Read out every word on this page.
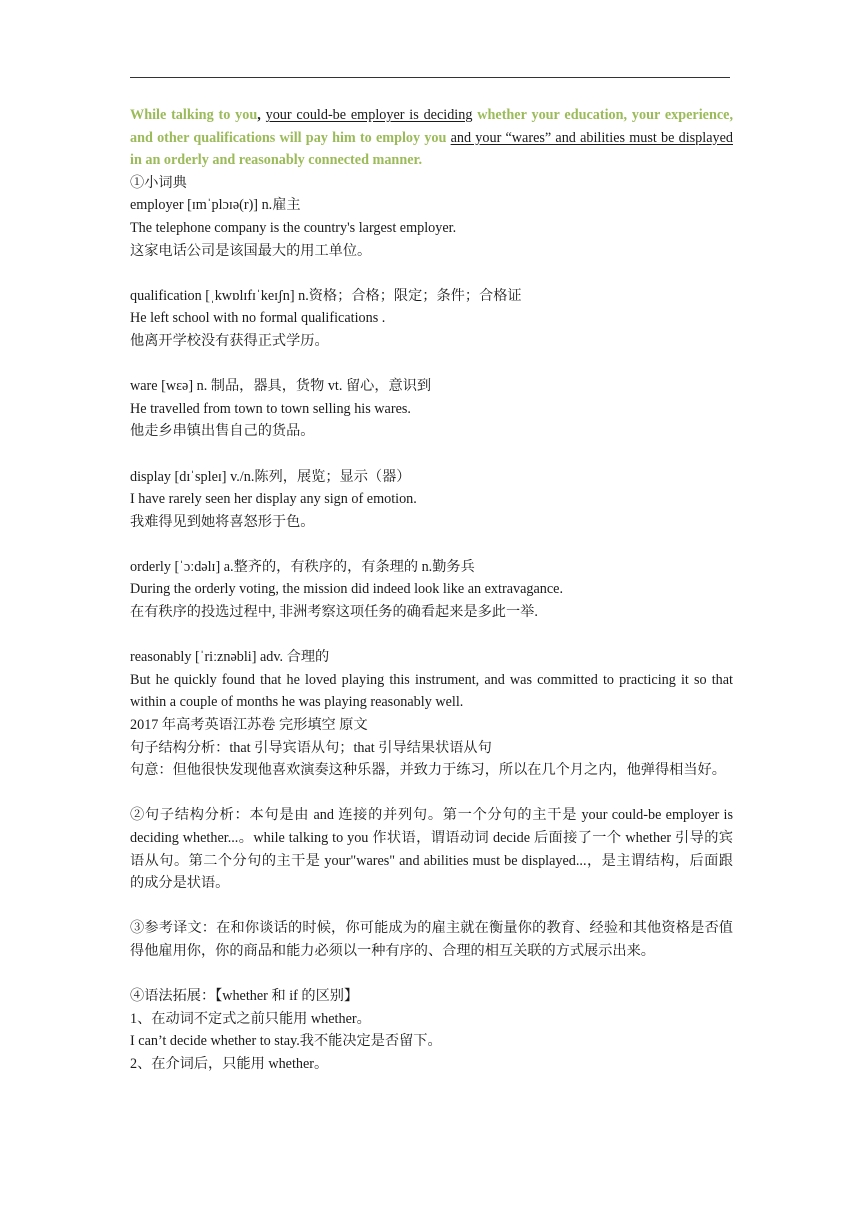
While talking to you, your could-be employer is deciding whether your education, your experience, and other qualifications will pay him to employ you and your “wares” and abilities must be displayed in an orderly and reasonably connected manner.

①小词典

employer [ɪmˈplɔɪə(r)] n.雇主

The telephone company is the country's largest employer.

这家电话公司是该国最大的用工单位。

qualification [ˌkwɒlɪfɪˈkeɪʃn] n.资格；合格；限定；条件；合格证

He left school with no formal qualifications .

他离开学校没有获得正式学历。

ware [wɛə] n. 制品，器具，货物 vt. 留心，意识到

He travelled from town to town selling his wares.

他走乡串镇出售自己的货品。

display [dɪˈspleɪ] v./n.陈列，展览；显示（器）

I have rarely seen her display any sign of emotion.

我难得见到她将喜怒形于色。

orderly [ˈɔːdəlɪ] a.整齐的，有秩序的，有条理的 n.勤务兵

During the orderly voting, the mission did indeed look like an extravagance.

在有秩序的投选过程中, 非洲考察这项任务的确看起来是多此一举.

reasonably [ˈriːznəbli] adv. 合理的

But he quickly found that he loved playing this instrument, and was committed to practicing it so that within a couple of months he was playing reasonably well.

2017 年高考英语江苏卷 完形填空 原文

句子结构分析：that 引导宾语从句；that 引导结果状语从句

句意：但他很快发现他喜欢演奏这种乐器，并致力于练习，所以在几个月之内，他弹得相当好。

②句子结构分析：本句是由 and 连接的并列句。第一个分句的主干是 your could-be employer is deciding whether...。while talking to you 作状语，谓语动词 decide 后面接了一个 whether 引导的宾语从句。第二个分句的主干是 your"wares" and abilities must be displayed...，是主谓结构，后面跟的成分是状语。

③参考译文：在和你谈话的时候，你可能成为的雇主就在衡量你的教育、经验和其他资格是否值得他雇用你，你的商品和能力必须以一种有序的、合理的相互关联的方式展示出来。

④语法拓展：【whether 和 if 的区别】

1、在动词不定式之前只能用 whether。

I can’t decide whether to stay.我不能决定是否留下。

2、在介词后，只能用 whether。
